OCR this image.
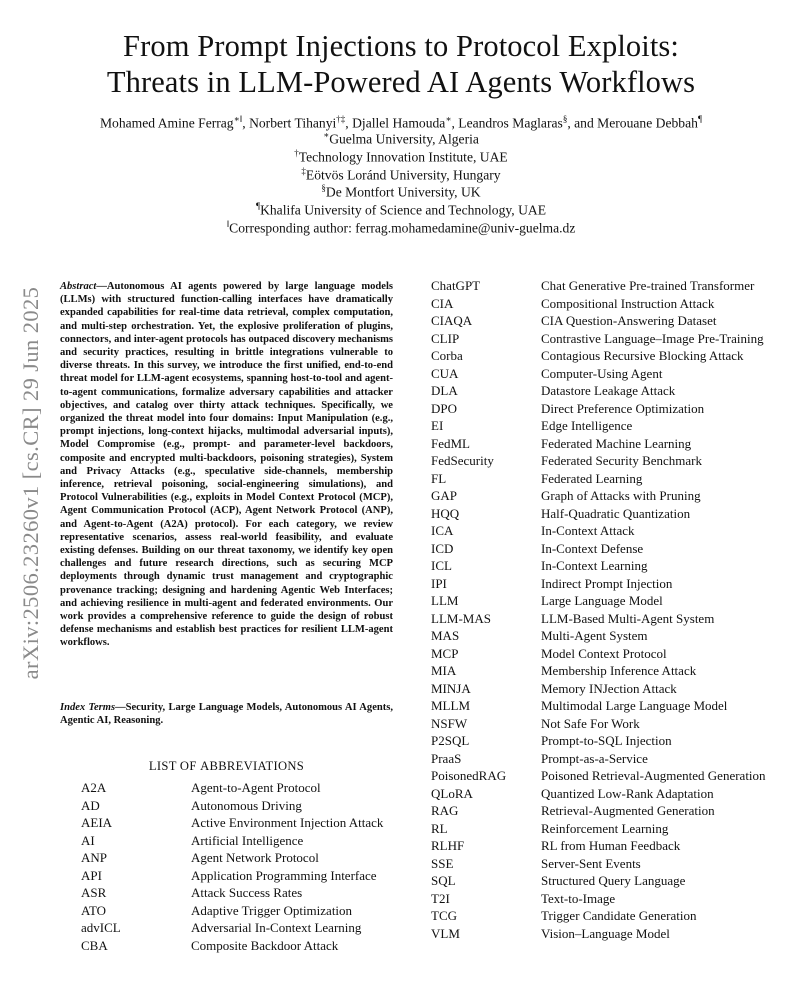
From Prompt Injections to Protocol Exploits:
Threats in LLM-Powered AI Agents Workflows
Mohamed Amine Ferrag∗‖, Norbert Tihanyi†‡, Djallel Hamouda∗, Leandros Maglaras§, and Merouane Debbah¶
∗Guelma University, Algeria
†Technology Innovation Institute, UAE
‡Eötvös Loránd University, Hungary
§De Montfort University, UK
¶Khalifa University of Science and Technology, UAE
‖Corresponding author: ferrag.mohamedamine@univ-guelma.dz
arXiv:2506.23260v1 [cs.CR] 29 Jun 2025
Abstract—Autonomous AI agents powered by large language models (LLMs) with structured function-calling interfaces have dramatically expanded capabilities for real-time data retrieval, complex computation, and multi-step orchestration. Yet, the explosive proliferation of plugins, connectors, and inter-agent protocols has outpaced discovery mechanisms and security practices, resulting in brittle integrations vulnerable to diverse threats. In this survey, we introduce the first unified, end-to-end threat model for LLM-agent ecosystems, spanning host-to-tool and agent-to-agent communications, formalize adversary capabilities and attacker objectives, and catalog over thirty attack techniques. Specifically, we organized the threat model into four domains: Input Manipulation (e.g., prompt injections, long-context hijacks, multimodal adversarial inputs), Model Compromise (e.g., prompt- and parameter-level backdoors, composite and encrypted multi-backdoors, poisoning strategies), System and Privacy Attacks (e.g., speculative side-channels, membership inference, retrieval poisoning, social-engineering simulations), and Protocol Vulnerabilities (e.g., exploits in Model Context Protocol (MCP), Agent Communication Protocol (ACP), Agent Network Protocol (ANP), and Agent-to-Agent (A2A) protocol). For each category, we review representative scenarios, assess real-world feasibility, and evaluate existing defenses. Building on our threat taxonomy, we identify key open challenges and future research directions, such as securing MCP deployments through dynamic trust management and cryptographic provenance tracking; designing and hardening Agentic Web Interfaces; and achieving resilience in multi-agent and federated environments. Our work provides a comprehensive reference to guide the design of robust defense mechanisms and establish best practices for resilient LLM-agent workflows.
Index Terms—Security, Large Language Models, Autonomous AI Agents, Agentic AI, Reasoning.
LIST OF ABBREVIATIONS
A2A	Agent-to-Agent Protocol
AD	Autonomous Driving
AEIA	Active Environment Injection Attack
AI	Artificial Intelligence
ANP	Agent Network Protocol
API	Application Programming Interface
ASR	Attack Success Rates
ATO	Adaptive Trigger Optimization
advICL	Adversarial In-Context Learning
CBA	Composite Backdoor Attack
ChatGPT	Chat Generative Pre-trained Transformer
CIA	Compositional Instruction Attack
CIAQA	CIA Question-Answering Dataset
CLIP	Contrastive Language–Image Pre-Training
Corba	Contagious Recursive Blocking Attack
CUA	Computer-Using Agent
DLA	Datastore Leakage Attack
DPO	Direct Preference Optimization
EI	Edge Intelligence
FedML	Federated Machine Learning
FedSecurity	Federated Security Benchmark
FL	Federated Learning
GAP	Graph of Attacks with Pruning
HQQ	Half-Quadratic Quantization
ICA	In-Context Attack
ICD	In-Context Defense
ICL	In-Context Learning
IPI	Indirect Prompt Injection
LLM	Large Language Model
LLM-MAS	LLM-Based Multi-Agent System
MAS	Multi-Agent System
MCP	Model Context Protocol
MIA	Membership Inference Attack
MINJA	Memory INJection Attack
MLLM	Multimodal Large Language Model
NSFW	Not Safe For Work
P2SQL	Prompt-to-SQL Injection
PraaS	Prompt-as-a-Service
PoisonedRAG	Poisoned Retrieval-Augmented Generation
QLoRA	Quantized Low-Rank Adaptation
RAG	Retrieval-Augmented Generation
RL	Reinforcement Learning
RLHF	RL from Human Feedback
SSE	Server-Sent Events
SQL	Structured Query Language
T2I	Text-to-Image
TCG	Trigger Candidate Generation
VLM	Vision–Language Model
